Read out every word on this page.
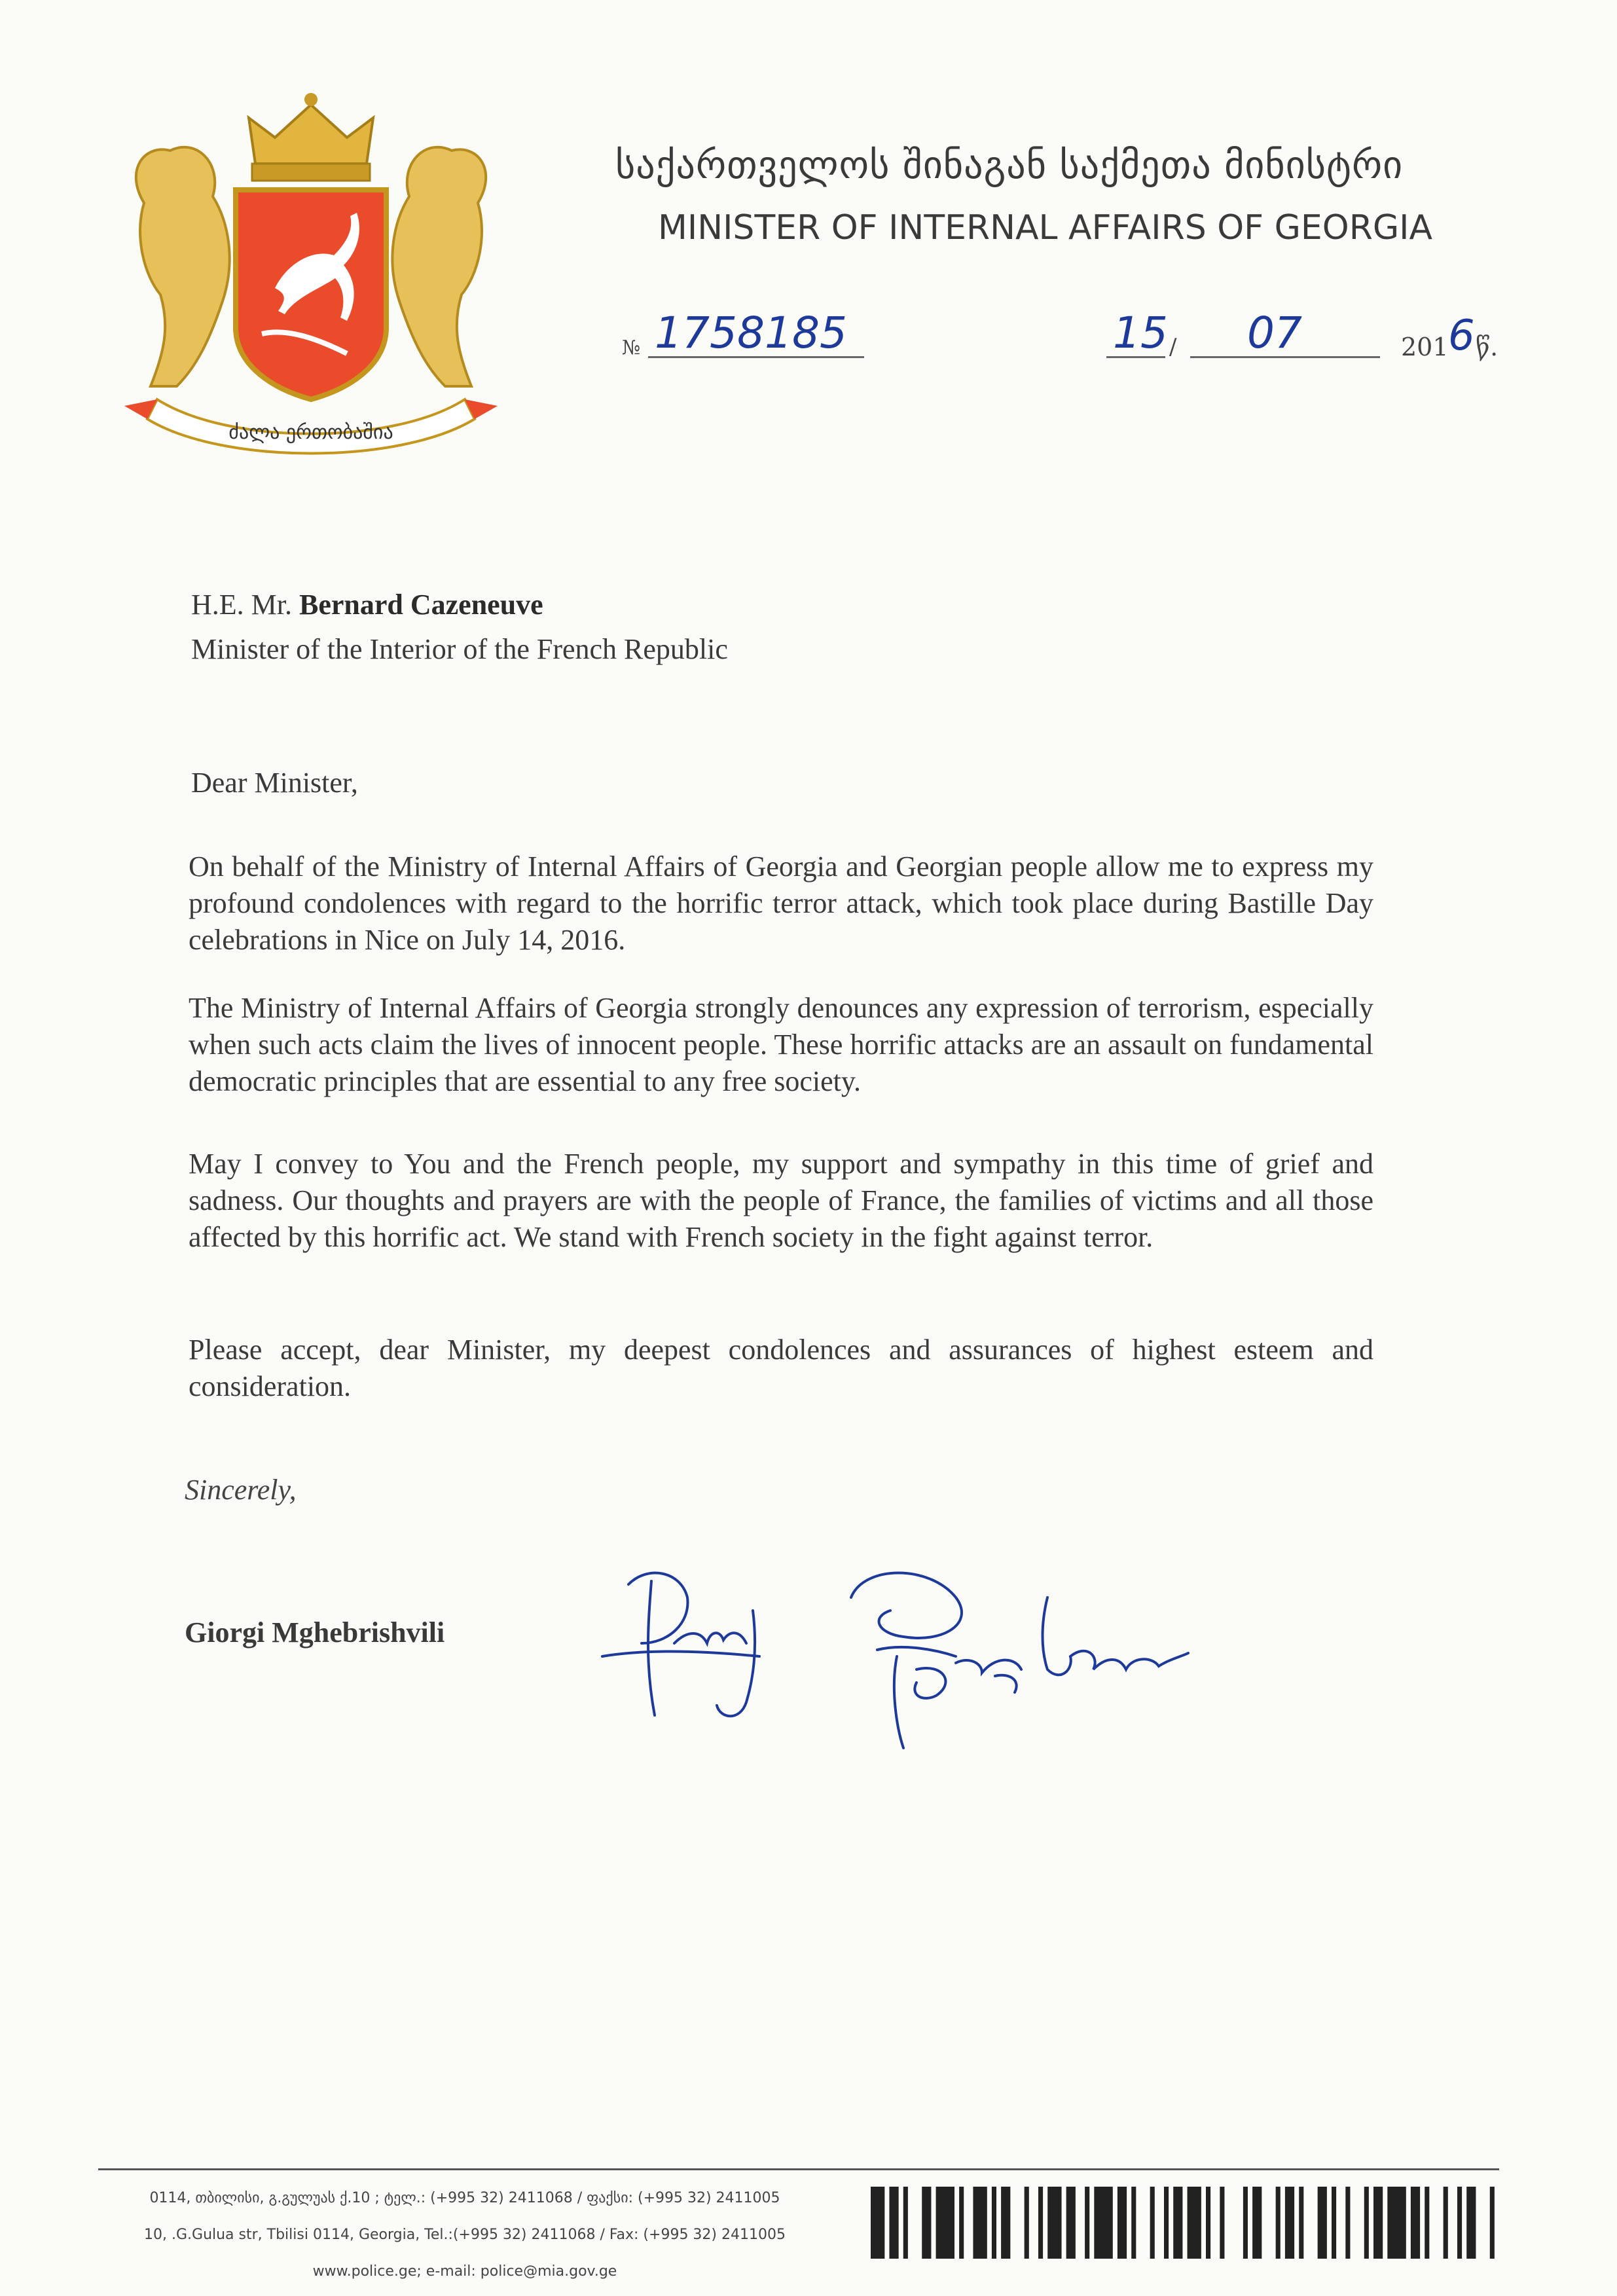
ძალა ერთობაშია
საქართველოს შინაგან საქმეთა მინისტრი
MINISTER OF INTERNAL AFFAIRS OF GEORGIA
№ 1758185	15 / 07	201 6 წ.
H.E. Mr. Bernard Cazeneuve
Minister of the Interior of the French Republic
Dear Minister,
On behalf of the Ministry of Internal Affairs of Georgia and Georgian people allow me to express my profound condolences with regard to the horrific terror attack, which took place during Bastille Day celebrations in Nice on July 14, 2016.
The Ministry of Internal Affairs of Georgia strongly denounces any expression of terrorism, especially when such acts claim the lives of innocent people. These horrific attacks are an assault on fundamental democratic principles that are essential to any free society.
May I convey to You and the French people, my support and sympathy in this time of grief and sadness. Our thoughts and prayers are with the people of France, the families of victims and all those affected by this horrific act. We stand with French society in the fight against terror.
Please accept, dear Minister, my deepest condolences and assurances of highest esteem and consideration.
Sincerely,
Giorgi Mghebrishvili
0114, თბილისი, გ.გულუას ქ.10 ; ტელ.: (+995 32) 2411068 / ფაქსი: (+995 32) 2411005
10, .G.Gulua str, Tbilisi 0114, Georgia, Tel.:(+995 32) 2411068 / Fax: (+995 32) 2411005
www.police.ge; e-mail: police@mia.gov.ge
